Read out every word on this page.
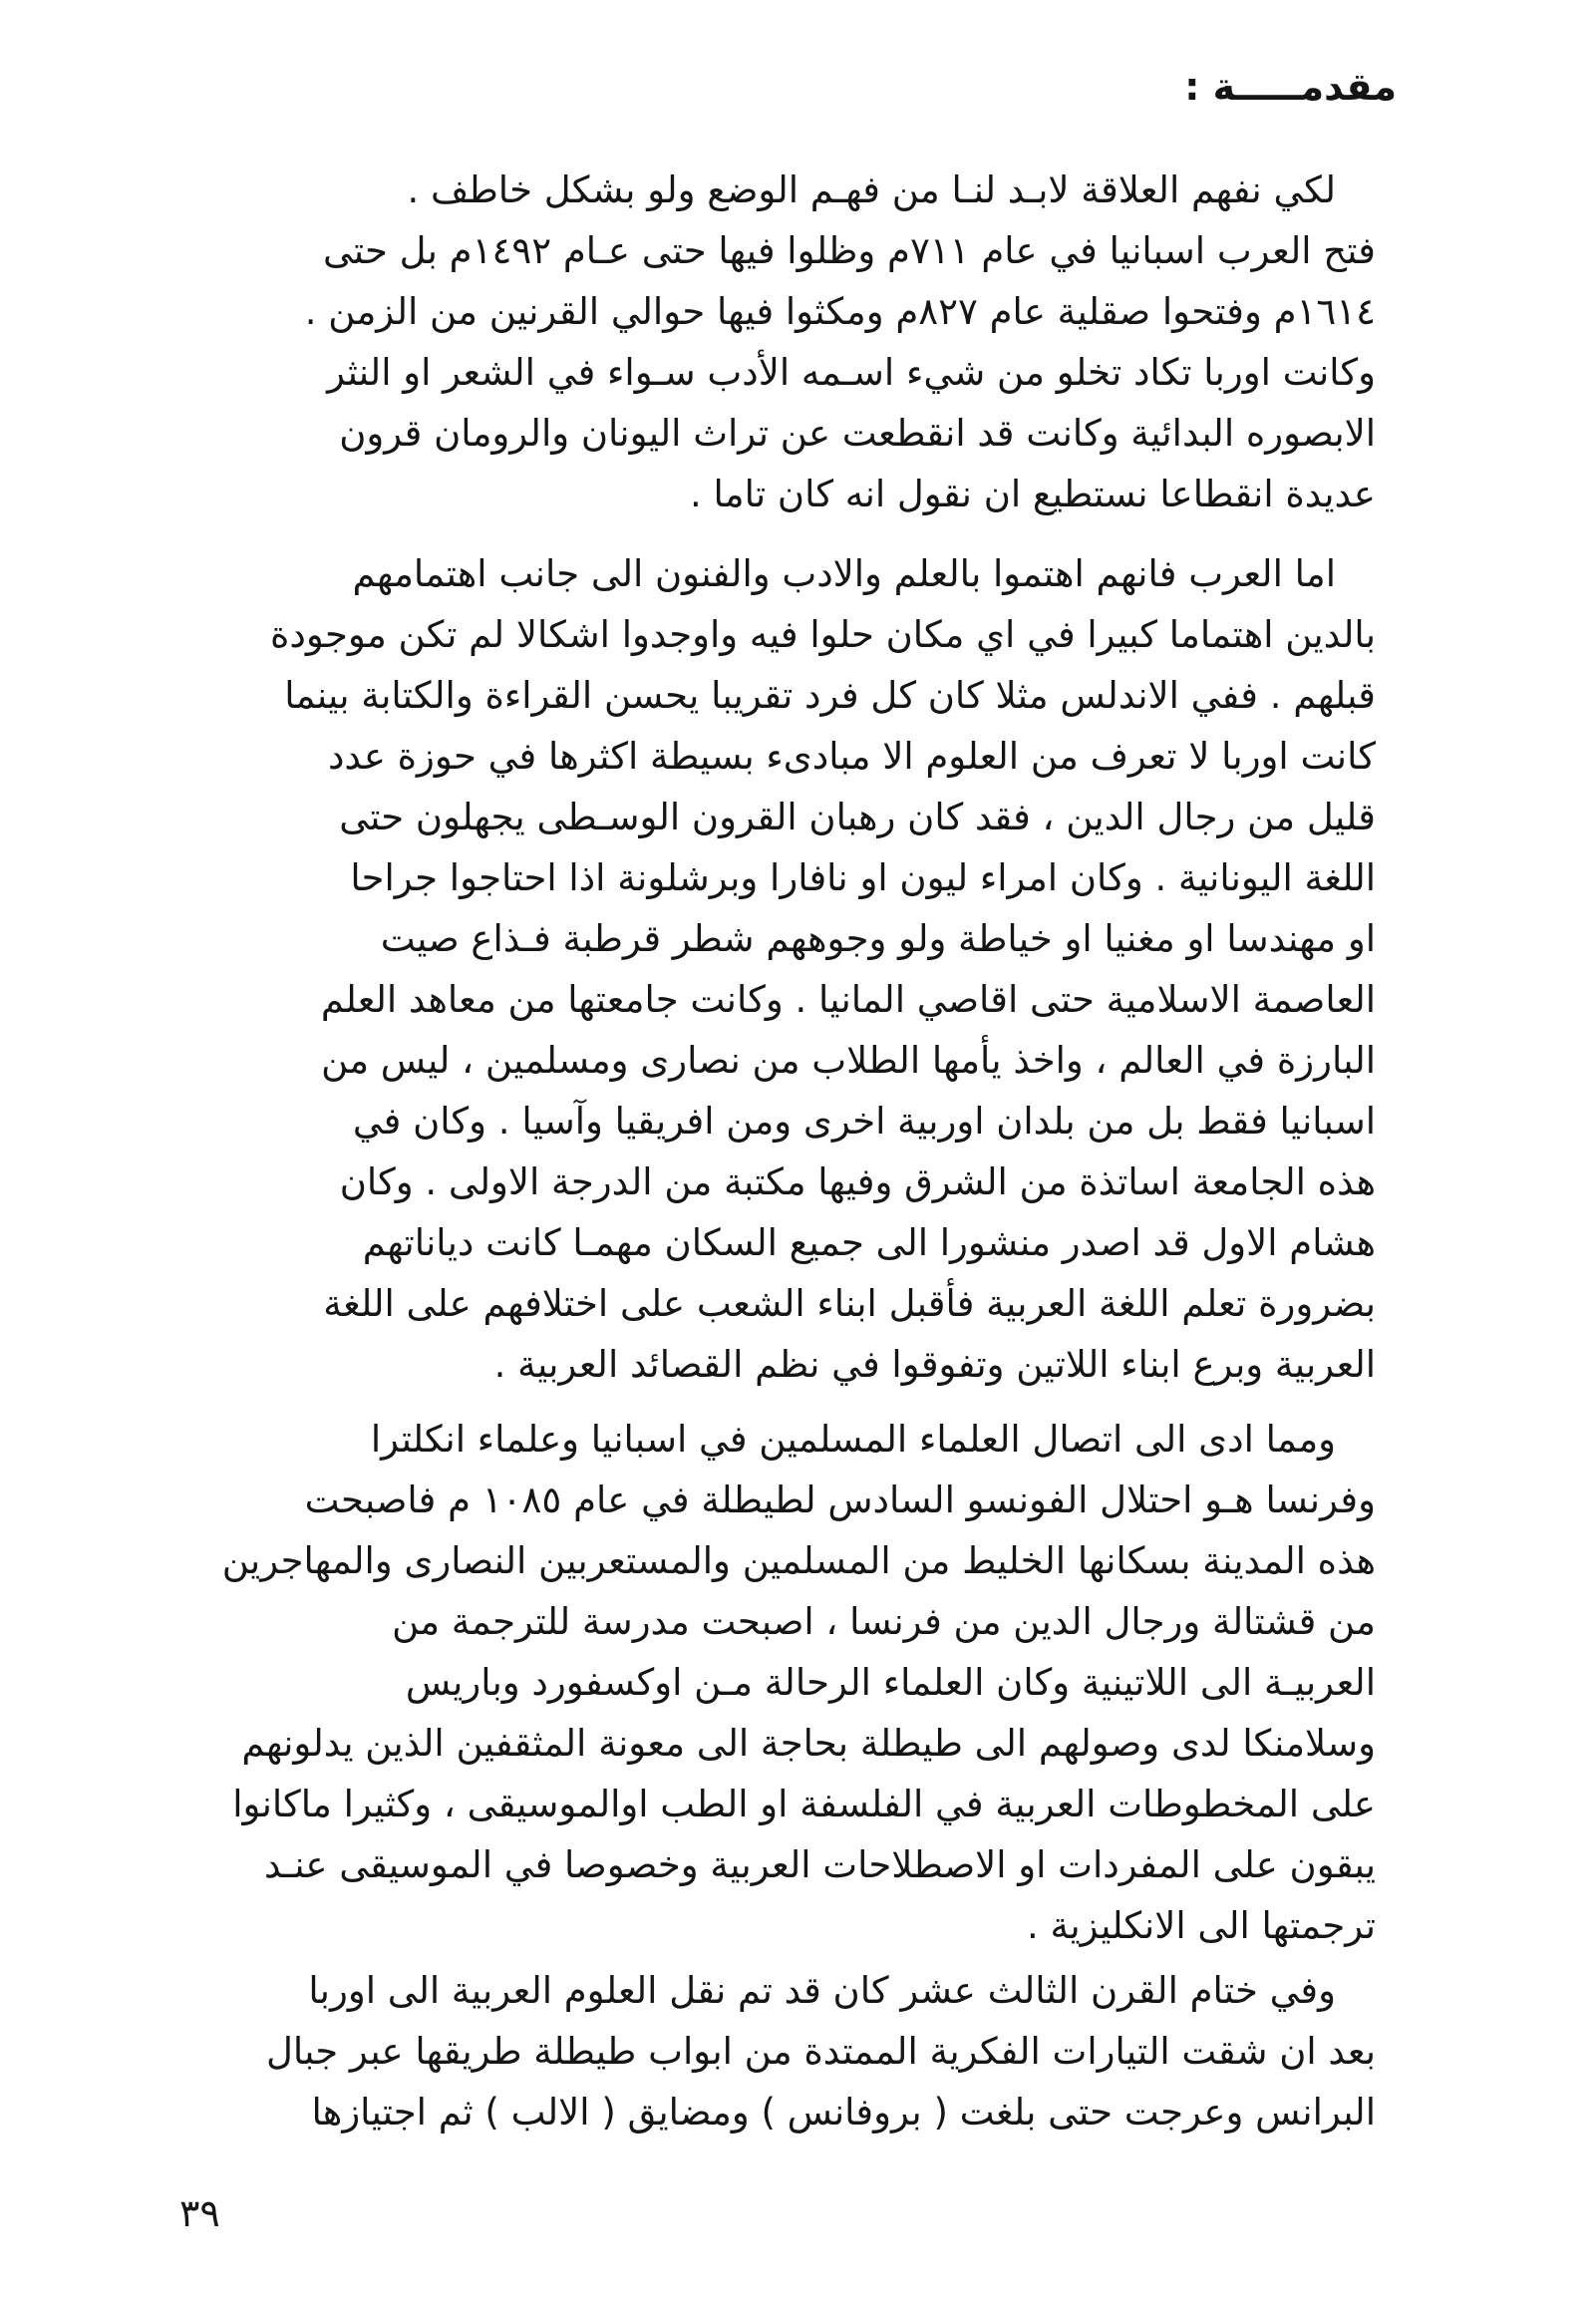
مقدمـــــة :
لكي نفهم العلاقة لابـد لنـا من فهـم الوضع ولو بشكل خاطف .
فتح العرب اسبانيا في عام ٧١١م وظلوا فيها حتى عـام ١٤٩٢م بل حتى
١٦١٤م وفتحوا صقلية عام ٨٢٧م ومكثوا فيها حوالي القرنين من الزمن .
وكانت اوربا تكاد تخلو من شيء اسـمه الأدب سـواء في الشعر او النثر
الابصوره البدائية وكانت قد انقطعت عن تراث اليونان والرومان قرون
عديدة انقطاعا نستطيع ان نقول انه كان تاما .
اما العرب فانهم اهتموا بالعلم والادب والفنون الى جانب اهتمامهم
بالدين اهتماما كبيرا في اي مكان حلوا فيه واوجدوا اشكالا لم تكن موجودة
قبلهم . ففي الاندلس مثلا كان كل فرد تقريبا يحسن القراءة والكتابة بينما
كانت اوربا لا تعرف من العلوم الا مبادىء بسيطة اكثرها في حوزة عدد
قليل من رجال الدين ، فقد كان رهبان القرون الوسـطى يجهلون حتى
اللغة اليونانية . وكان امراء ليون او نافارا وبرشلونة اذا احتاجوا جراحا
او مهندسا او مغنيا او خياطة ولو وجوههم شطر قرطبة فـذاع صيت
العاصمة الاسلامية حتى اقاصي المانيا . وكانت جامعتها من معاهد العلم
البارزة في العالم ، واخذ يأمها الطلاب من نصارى ومسلمين ، ليس من
اسبانيا فقط بل من بلدان اوربية اخرى ومن افريقيا وآسيا . وكان في
هذه الجامعة اساتذة من الشرق وفيها مكتبة من الدرجة الاولى . وكان
هشام الاول قد اصدر منشورا الى جميع السكان مهمـا كانت دياناتهم
بضرورة تعلم اللغة العربية فأقبل ابناء الشعب على اختلافهم على اللغة
العربية وبرع ابناء اللاتين وتفوقوا في نظم القصائد العربية .
ومما ادى الى اتصال العلماء المسلمين في اسبانيا وعلماء انكلترا
وفرنسا هـو احتلال الفونسو السادس لطيطلة في عام ١٠٨٥ م فاصبحت
هذه المدينة بسكانها الخليط من المسلمين والمستعربين النصارى والمهاجرين
من قشتالة ورجال الدين من فرنسا ، اصبحت مدرسة للترجمة من
العربيـة الى اللاتينية وكان العلماء الرحالة مـن اوكسفورد وباريس
وسلامنكا لدى وصولهم الى طيطلة بحاجة الى معونة المثقفين الذين يدلونهم
على المخطوطات العربية في الفلسفة او الطب اوالموسيقى ، وكثيرا ماكانوا
يبقون على المفردات او الاصطلاحات العربية وخصوصا في الموسيقى عنـد
ترجمتها الى الانكليزية .
وفي ختام القرن الثالث عشر كان قد تم نقل العلوم العربية الى اوربا
بعد ان شقت التيارات الفكرية الممتدة من ابواب طيطلة طريقها عبر جبال
البرانس وعرجت حتى بلغت ( بروفانس ) ومضايق ( الالب ) ثم اجتيازها
٣٩
